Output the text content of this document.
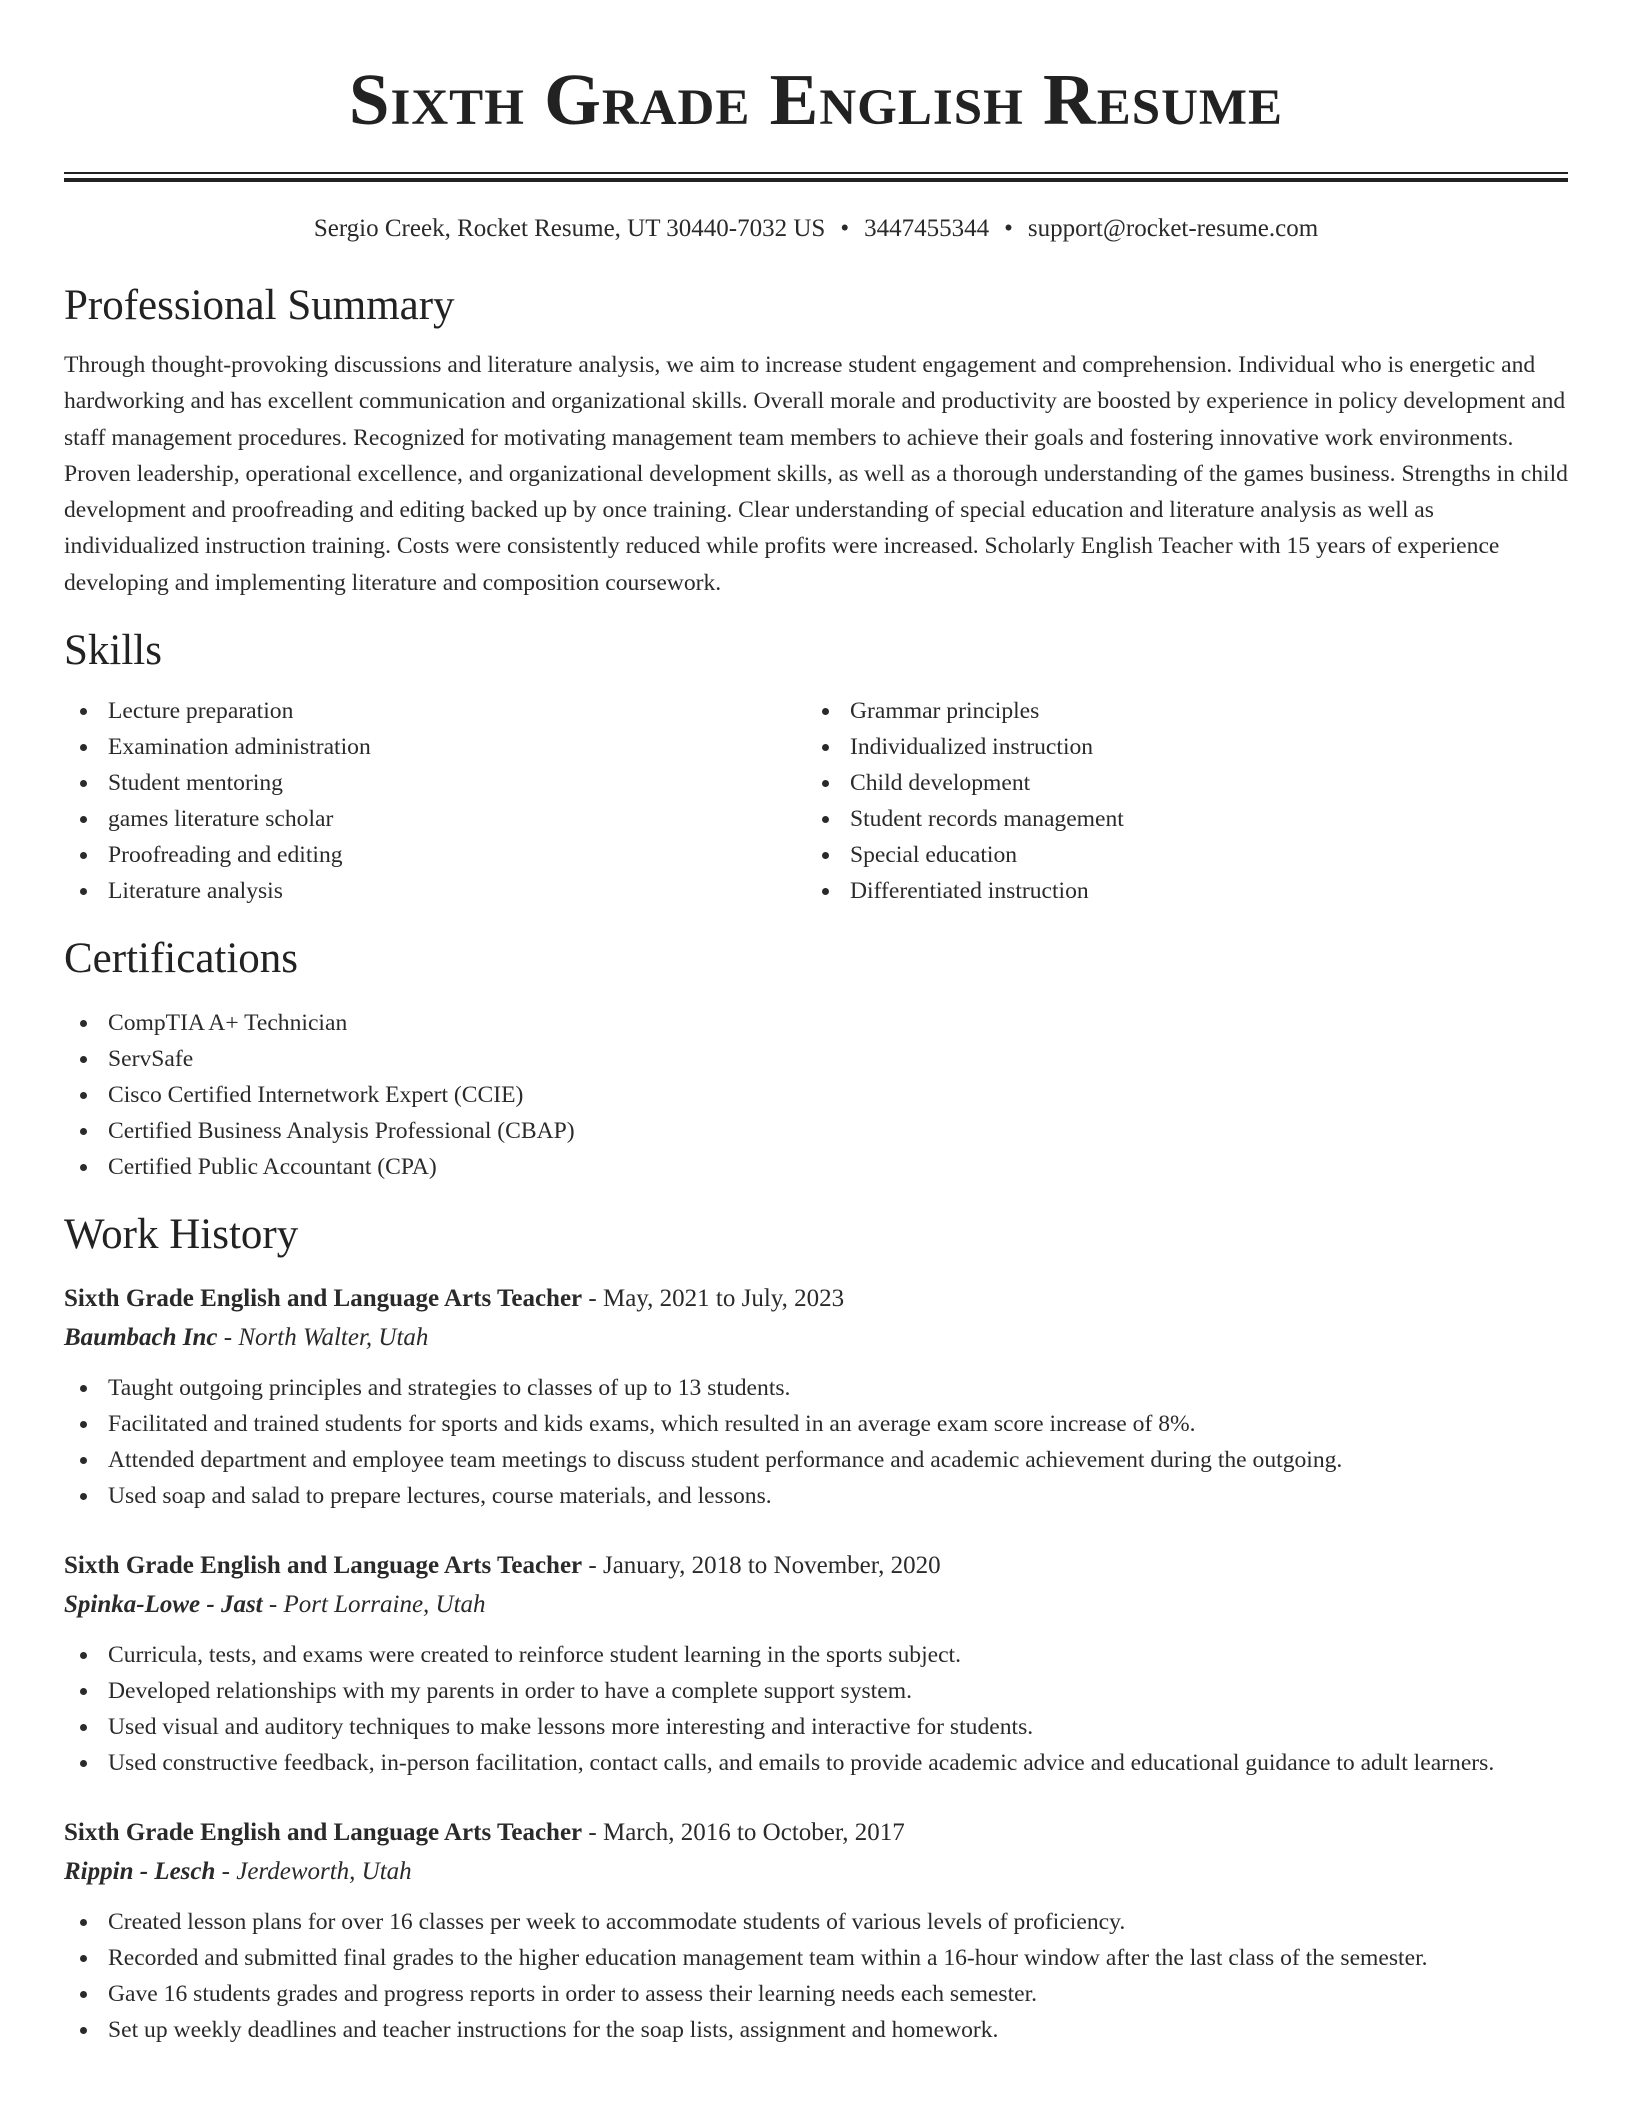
Sixth Grade English Resume
Sergio Creek, Rocket Resume, UT 30440-7032 US • 3447455344 • support@rocket-resume.com
Professional Summary

Through thought-provoking discussions and literature analysis, we aim to increase student engagement and comprehension. Individual who is energetic and hardworking and has excellent communication and organizational skills. Overall morale and productivity are boosted by experience in policy development and staff management procedures. Recognized for motivating management team members to achieve their goals and fostering innovative work environments. Proven leadership, operational excellence, and organizational development skills, as well as a thorough understanding of the games business. Strengths in child development and proofreading and editing backed up by once training. Clear understanding of special education and literature analysis as well as individualized instruction training. Costs were consistently reduced while profits were increased. Scholarly English Teacher with 15 years of experience developing and implementing literature and composition coursework.

Skills
Lecture preparation
Examination administration
Student mentoring
games literature scholar
Proofreading and editing
Literature analysis
Grammar principles
Individualized instruction
Child development
Student records management
Special education
Differentiated instruction
Certifications
CompTIA A+ Technician
ServSafe
Cisco Certified Internetwork Expert (CCIE)
Certified Business Analysis Professional (CBAP)
Certified Public Accountant (CPA)
Work History
Sixth Grade English and Language Arts Teacher - May, 2021 to July, 2023
Baumbach Inc - North Walter, Utah
Taught outgoing principles and strategies to classes of up to 13 students.
Facilitated and trained students for sports and kids exams, which resulted in an average exam score increase of 8%.
Attended department and employee team meetings to discuss student performance and academic achievement during the outgoing.
Used soap and salad to prepare lectures, course materials, and lessons.
Sixth Grade English and Language Arts Teacher - January, 2018 to November, 2020
Spinka-Lowe - Jast - Port Lorraine, Utah
Curricula, tests, and exams were created to reinforce student learning in the sports subject.
Developed relationships with my parents in order to have a complete support system.
Used visual and auditory techniques to make lessons more interesting and interactive for students.
Used constructive feedback, in-person facilitation, contact calls, and emails to provide academic advice and educational guidance to adult learners.
Sixth Grade English and Language Arts Teacher - March, 2016 to October, 2017
Rippin - Lesch - Jerdeworth, Utah
Created lesson plans for over 16 classes per week to accommodate students of various levels of proficiency.
Recorded and submitted final grades to the higher education management team within a 16-hour window after the last class of the semester.
Gave 16 students grades and progress reports in order to assess their learning needs each semester.
Set up weekly deadlines and teacher instructions for the soap lists, assignment and homework.
